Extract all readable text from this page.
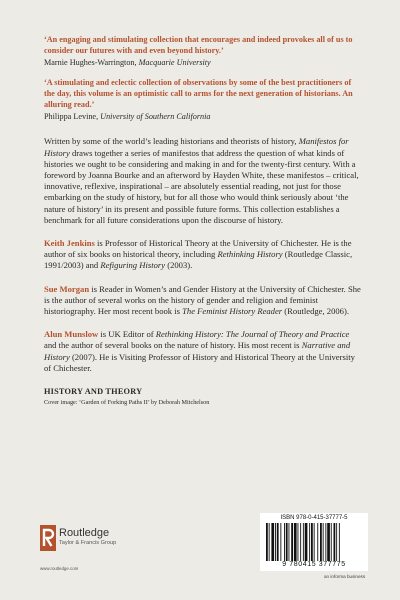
‘An engaging and stimulating collection that encourages and indeed provokes all of us to consider our futures with and even beyond history.’

Marnie Hughes-Warrington, Macquarie University

‘A stimulating and eclectic collection of observations by some of the best practitioners of the day, this volume is an optimistic call to arms for the next generation of historians. An alluring read.’

Philippa Levine, University of Southern California

Written by some of the world’s leading historians and theorists of history, Manifestos for History draws together a series of manifestos that address the question of what kinds of histories we ought to be considering and making in and for the twenty-first century. With a foreword by Joanna Bourke and an afterword by Hayden White, these manifestos – critical, innovative, reflexive, inspirational – are absolutely essential reading, not just for those embarking on the study of history, but for all those who would think seriously about ‘the nature of history’ in its present and possible future forms. This collection establishes a benchmark for all future considerations upon the discourse of history.

Keith Jenkins is Professor of Historical Theory at the University of Chichester. He is the author of six books on historical theory, including Rethinking History (Routledge Classic, 1991/2003) and Refiguring History (2003).

Sue Morgan is Reader in Women’s and Gender History at the University of Chichester. She is the author of several works on the history of gender and religion and feminist historiography. Her most recent book is The Feminist History Reader (Routledge, 2006).

Alun Munslow is UK Editor of Rethinking History: The Journal of Theory and Practice and the author of several books on the nature of history. His most recent is Narrative and History (2007). He is Visiting Professor of History and Historical Theory at the University of Chichester.

HISTORY AND THEORY

Cover image: ‘Garden of Forking Paths II’ by Deborah Mitchelson

Routledge
Taylor & Francis Group
www.routledge.com
ISBN 978-0-415-37777-5
9 780415 377775
an informa business
